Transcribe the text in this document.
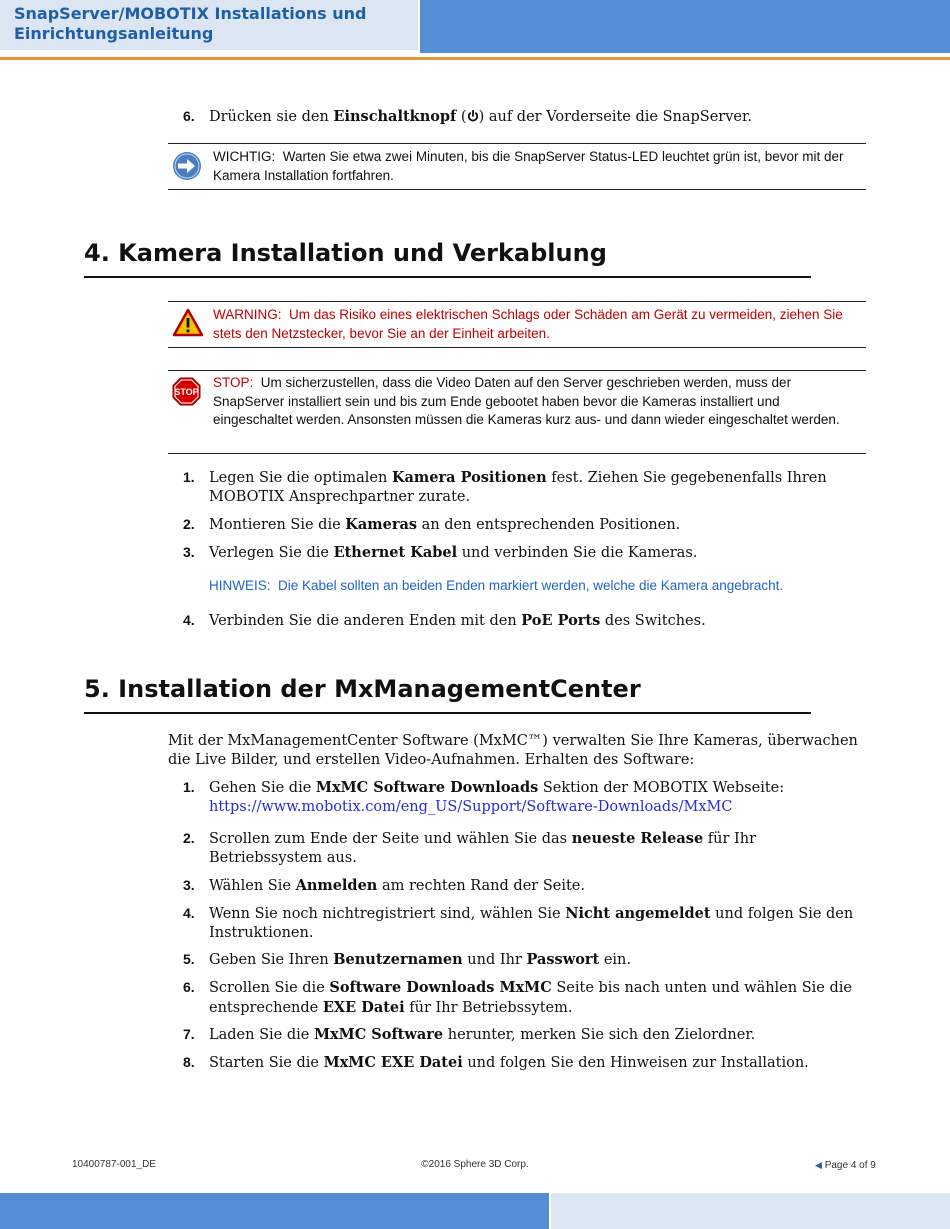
SnapServer/MOBOTIX Installations und Einrichtungsanleitung
6. Drücken sie den Einschaltknopf ( ) auf der Vorderseite die SnapServer.
WICHTIG: Warten Sie etwa zwei Minuten, bis die SnapServer Status-LED leuchtet grün ist, bevor mit der Kamera Installation fortfahren.
4. Kamera Installation und Verkablung
WARNING: Um das Risiko eines elektrischen Schlags oder Schäden am Gerät zu vermeiden, ziehen Sie stets den Netzstecker, bevor Sie an der Einheit arbeiten.
STOP
STOP: Um sicherzustellen, dass die Video Daten auf den Server geschrieben werden, muss der SnapServer installiert sein und bis zum Ende gebootet haben bevor die Kameras installiert und eingeschaltet werden. Ansonsten müssen die Kameras kurz aus- und dann wieder eingeschaltet werden.
1. Legen Sie die optimalen Kamera Positionen fest. Ziehen Sie gegebenenfalls Ihren MOBOTIX Ansprechpartner zurate.
2. Montieren Sie die Kameras an den entsprechenden Positionen.
3. Verlegen Sie die Ethernet Kabel und verbinden Sie die Kameras.
HINWEIS: Die Kabel sollten an beiden Enden markiert werden, welche die Kamera angebracht.
4. Verbinden Sie die anderen Enden mit den PoE Ports des Switches.
5. Installation der MxManagementCenter
Mit der MxManagementCenter Software (MxMC™) verwalten Sie Ihre Kameras, überwachen die Live Bilder, und erstellen Video-Aufnahmen. Erhalten des Software:
1. Gehen Sie die MxMC Software Downloads Sektion der MOBOTIX Webseite:
https://www.mobotix.com/eng_US/Support/Software-Downloads/MxMC
2. Scrollen zum Ende der Seite und wählen Sie das neueste Release für Ihr Betriebssystem aus.
3. Wählen Sie Anmelden am rechten Rand der Seite.
4. Wenn Sie noch nichtregistriert sind, wählen Sie Nicht angemeldet und folgen Sie den Instruktionen.
5. Geben Sie Ihren Benutzernamen und Ihr Passwort ein.
6. Scrollen Sie die Software Downloads MxMC Seite bis nach unten und wählen Sie die entsprechende EXE Datei für Ihr Betriebssytem.
7. Laden Sie die MxMC Software herunter, merken Sie sich den Zielordner.
8. Starten Sie die MxMC EXE Datei und folgen Sie den Hinweisen zur Installation.
10400787-001_DE	©2016 Sphere 3D Corp.	◀ Page 4 of 9
